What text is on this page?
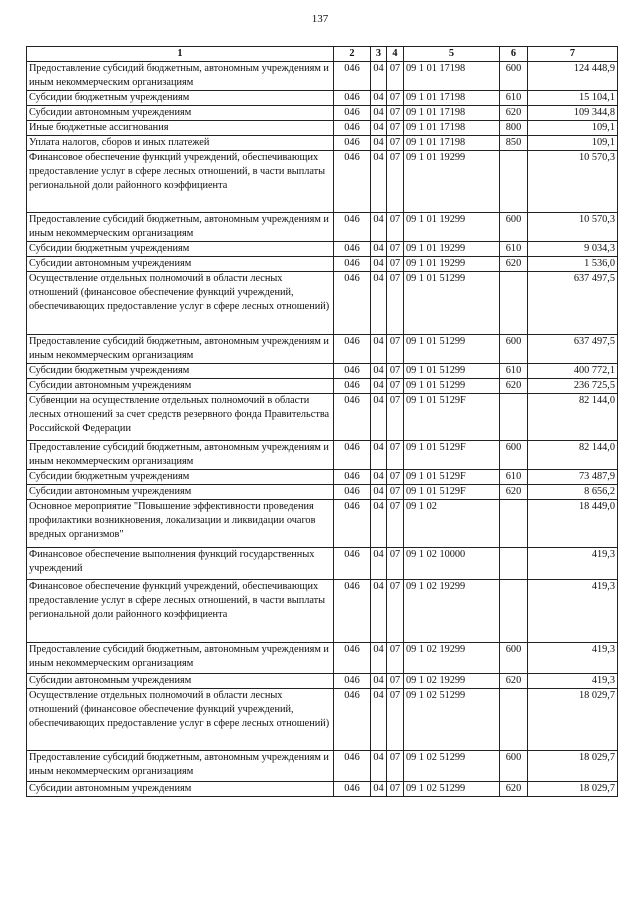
137
1	2	3	4	5	6	7
Предоставление субсидий бюджетным, автономным учреждениям и иным некоммерческим организациям	046	04	07	09 1 01 17198	600	124 448,9
Субсидии бюджетным учреждениям	046	04	07	09 1 01 17198	610	15 104,1
Субсидии автономным учреждениям	046	04	07	09 1 01 17198	620	109 344,8
Иные бюджетные ассигнования	046	04	07	09 1 01 17198	800	109,1
Уплата налогов, сборов и иных платежей	046	04	07	09 1 01 17198	850	109,1
Финансовое обеспечение функций учреждений, обеспечивающих предоставление услуг в сфере лесных отношений, в части выплаты региональной доли районного коэффициента	046	04	07	09 1 01 19299		10 570,3
Предоставление субсидий бюджетным, автономным учреждениям и иным некоммерческим организациям	046	04	07	09 1 01 19299	600	10 570,3
Субсидии бюджетным учреждениям	046	04	07	09 1 01 19299	610	9 034,3
Субсидии автономным учреждениям	046	04	07	09 1 01 19299	620	1 536,0
Осуществление отдельных полномочий в области лесных отношений (финансовое обеспечение функций учреждений, обеспечивающих предоставление услуг в сфере лесных отношений)	046	04	07	09 1 01 51299		637 497,5
Предоставление субсидий бюджетным, автономным учреждениям и иным некоммерческим организациям	046	04	07	09 1 01 51299	600	637 497,5
Субсидии бюджетным учреждениям	046	04	07	09 1 01 51299	610	400 772,1
Субсидии автономным учреждениям	046	04	07	09 1 01 51299	620	236 725,5
Субвенции на осуществление отдельных полномочий в области лесных отношений за счет средств резервного фонда Правительства Российской Федерации	046	04	07	09 1 01 5129F		82 144,0
Предоставление субсидий бюджетным, автономным учреждениям и иным некоммерческим организациям	046	04	07	09 1 01 5129F	600	82 144,0
Субсидии бюджетным учреждениям	046	04	07	09 1 01 5129F	610	73 487,9
Субсидии автономным учреждениям	046	04	07	09 1 01 5129F	620	8 656,2
Основное мероприятие "Повышение эффективности проведения профилактики возникновения, локализации и ликвидации очагов вредных организмов"	046	04	07	09 1 02		18 449,0
Финансовое обеспечение выполнения функций государственных учреждений	046	04	07	09 1 02 10000		419,3
Финансовое обеспечение функций учреждений, обеспечивающих предоставление услуг в сфере лесных отношений, в части выплаты региональной доли районного коэффициента	046	04	07	09 1 02 19299		419,3
Предоставление субсидий бюджетным, автономным учреждениям и иным некоммерческим организациям	046	04	07	09 1 02 19299	600	419,3
Субсидии автономным учреждениям	046	04	07	09 1 02 19299	620	419,3
Осуществление отдельных полномочий в области лесных отношений (финансовое обеспечение функций учреждений, обеспечивающих предоставление услуг в сфере лесных отношений)	046	04	07	09 1 02 51299		18 029,7
Предоставление субсидий бюджетным, автономным учреждениям и иным некоммерческим организациям	046	04	07	09 1 02 51299	600	18 029,7
Субсидии автономным учреждениям	046	04	07	09 1 02 51299	620	18 029,7
